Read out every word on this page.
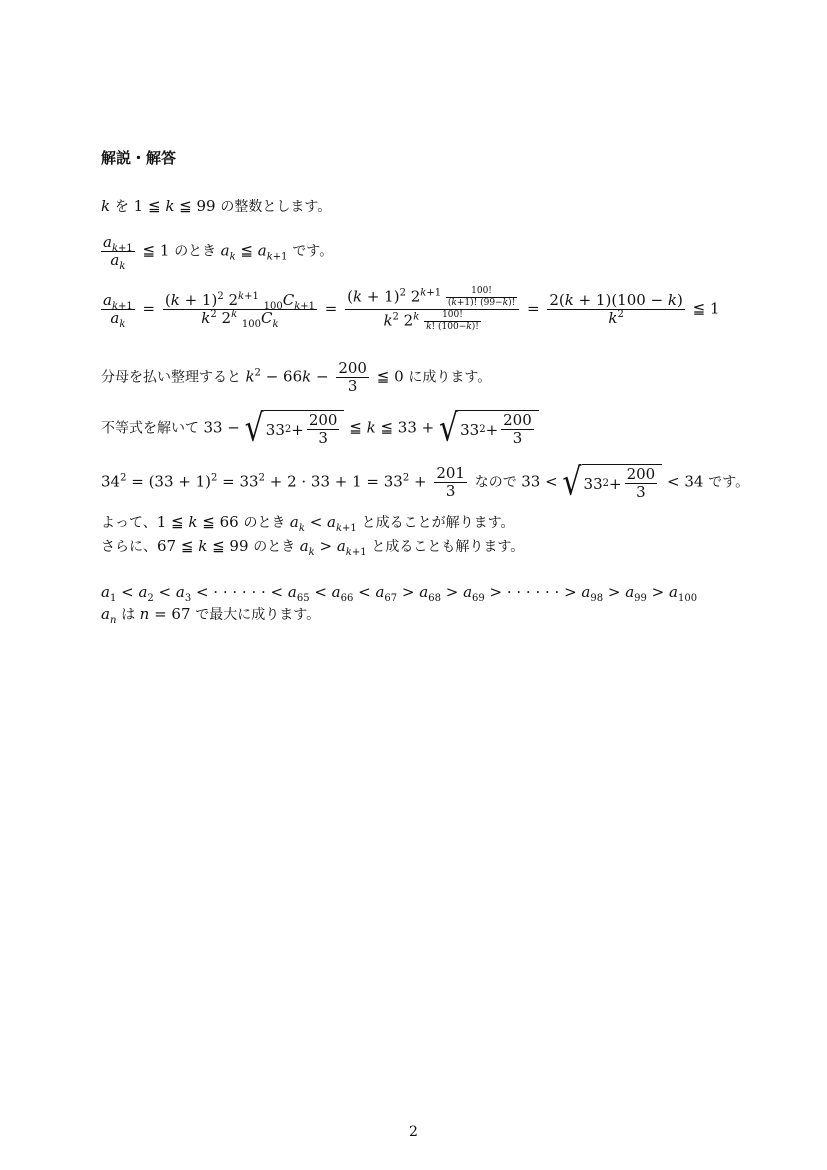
解説・解答
k を 1 ≦ k ≦ 99 の整数とします。
$\frac{a_{k+1}}{a_k}$ ≦ 1 のとき $a_k$ ≦ $a_{k+1}$ です。
$\frac{a_{k+1}}{a_k} = \frac{(k + 1)^2 2^{k+1} _{100}C_{k+1}}{k^2 2^k _{100}C_k} = \frac{(k + 1)^2 2^{k+1} \frac{100!}{(k+1)! (99-k)!}}{k^2 2^k \frac{100!}{k! (100-k)!}} = \frac{2(k + 1)(100 - k)}{k^2}$ ≦ 1
分母を払い整理すると $k^2 - 66k - \frac{200}{3}$ ≦ 0 に成ります。
不等式を解いて 33 − √ 33 $2 + \frac{200}{3}$ ≦ k ≦ 33 + √ 33 $2 + \frac{200}{3}$
$34^2 = (33 + 1)^2 = 33^2 + 2 \cdot 33 + 1 = 33^2 + \frac{201}{3}$ なので 33 < √ 33 $2 + \frac{200}{3} < 34$ です。
よって、1 ≦ k ≦ 66 のとき $a_k < a_{k+1}$ と成ることが解ります。
さらに、67 ≦ k ≦ 99 のとき $a_k > a_{k+1}$ と成ることも解ります。
$a_1 < a_2 < a_3$ < · · · · · · < $a_{65} < a_{66} < a_{67} > a_{68} > a_{69}$ > · · · · · · > $a_{98} > a_{99} > a_{100}$
$a_n$ は n = 67 で最大に成ります。
2
